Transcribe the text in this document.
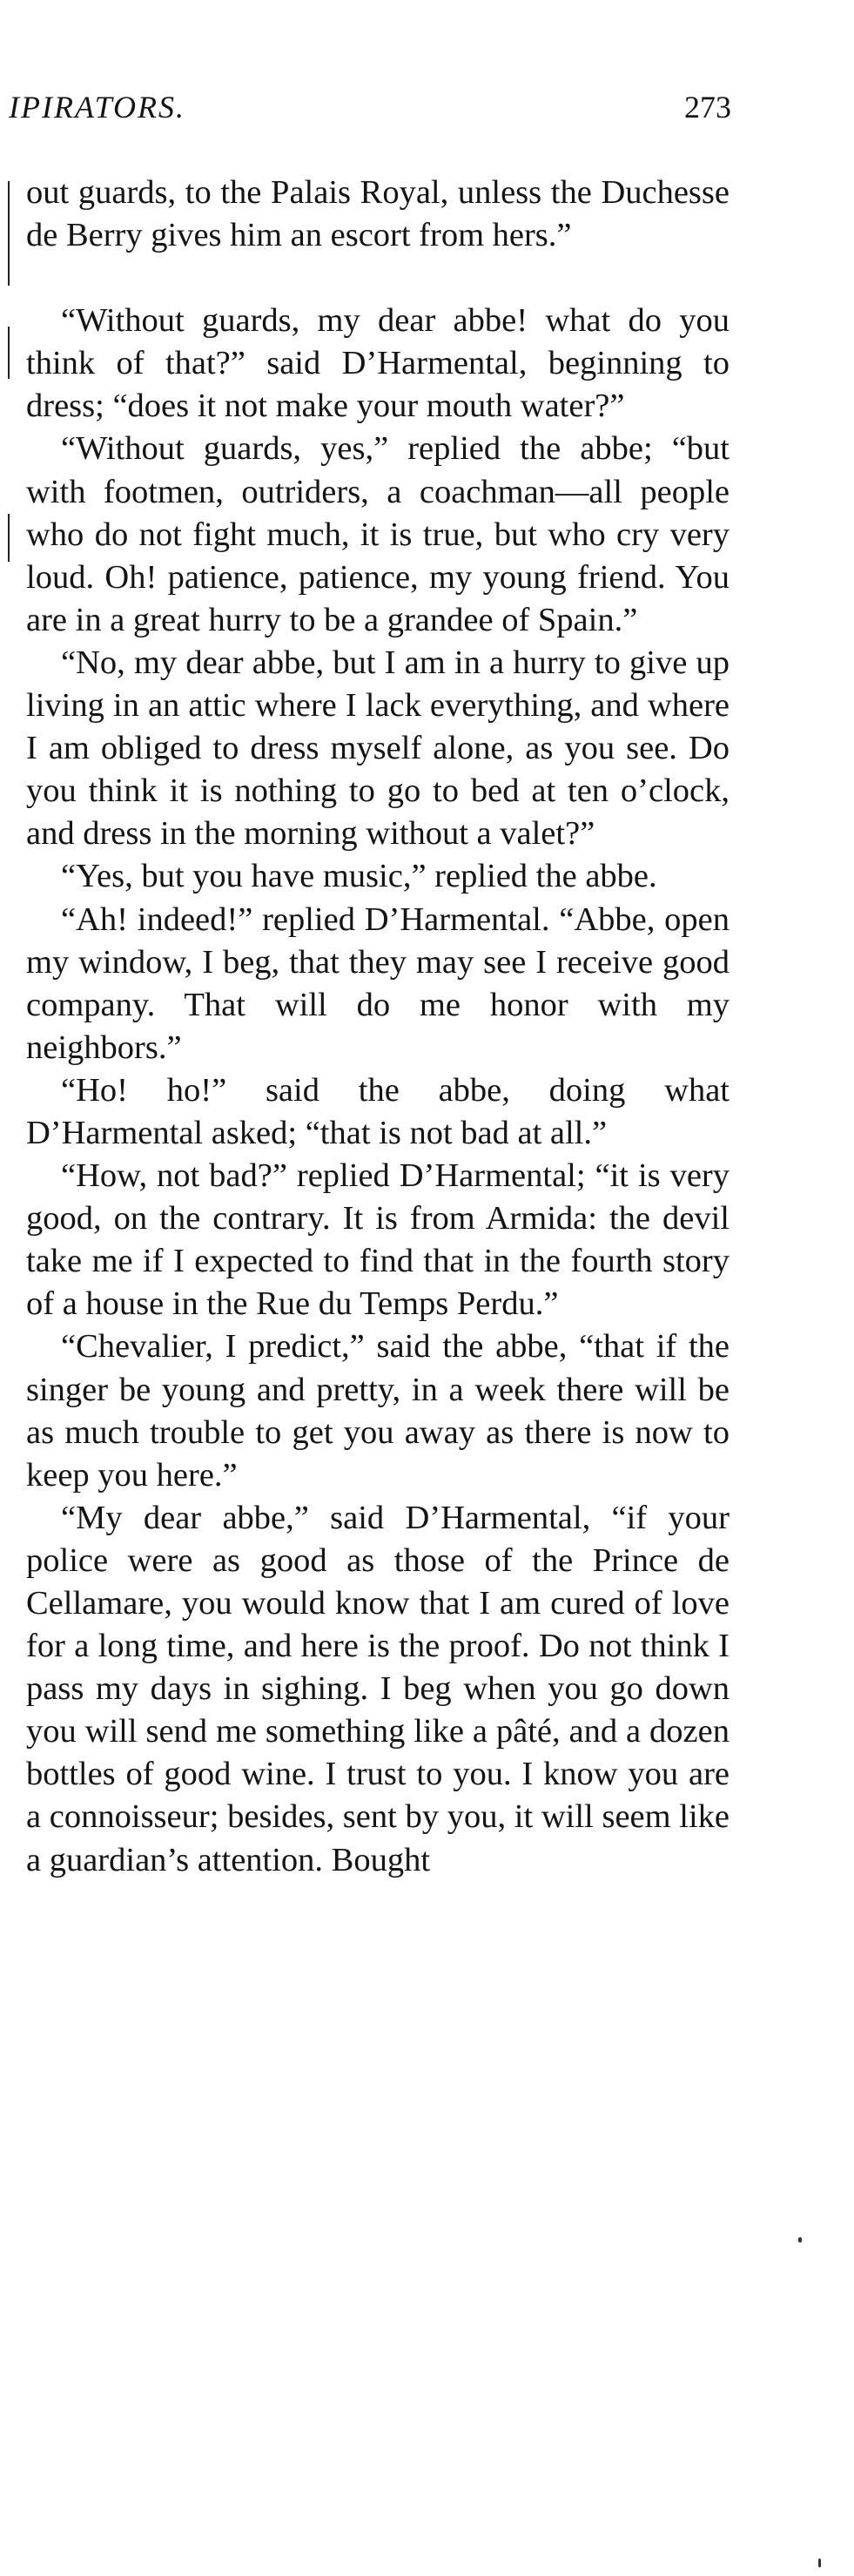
IPIRATORS.	273

out guards, to the Palais Royal, unless the Duchesse de Berry gives him an escort from hers.”

“Without guards, my dear abbe! what do you think of that?” said D’Harmental, beginning to dress; “does it not make your mouth water?”

“Without guards, yes,” replied the abbe; “but with footmen, outriders, a coachman—all people who do not fight much, it is true, but who cry very loud. Oh! patience, patience, my young friend. You are in a great hurry to be a grandee of Spain.”

“No, my dear abbe, but I am in a hurry to give up living in an attic where I lack everything, and where I am obliged to dress myself alone, as you see. Do you think it is nothing to go to bed at ten o’clock, and dress in the morning without a valet?”

“Yes, but you have music,” replied the abbe.

“Ah! indeed!” replied D’Harmental. “Abbe, open my window, I beg, that they may see I receive good company. That will do me honor with my neighbors.”

“Ho! ho!” said the abbe, doing what D’Harmental asked; “that is not bad at all.”

“How, not bad?” replied D’Harmental; “it is very good, on the contrary. It is from Armida: the devil take me if I expected to find that in the fourth story of a house in the Rue du Temps Perdu.”

“Chevalier, I predict,” said the abbe, “that if the singer be young and pretty, in a week there will be as much trouble to get you away as there is now to keep you here.”

“My dear abbe,” said D’Harmental, “if your police were as good as those of the Prince de Cellamare, you would know that I am cured of love for a long time, and here is the proof. Do not think I pass my days in sighing. I beg when you go down you will send me something like a pâté, and a dozen bottles of good wine. I trust to you. I know you are a connoisseur; besides, sent by you, it will seem like a guardian’s attention. Bought
